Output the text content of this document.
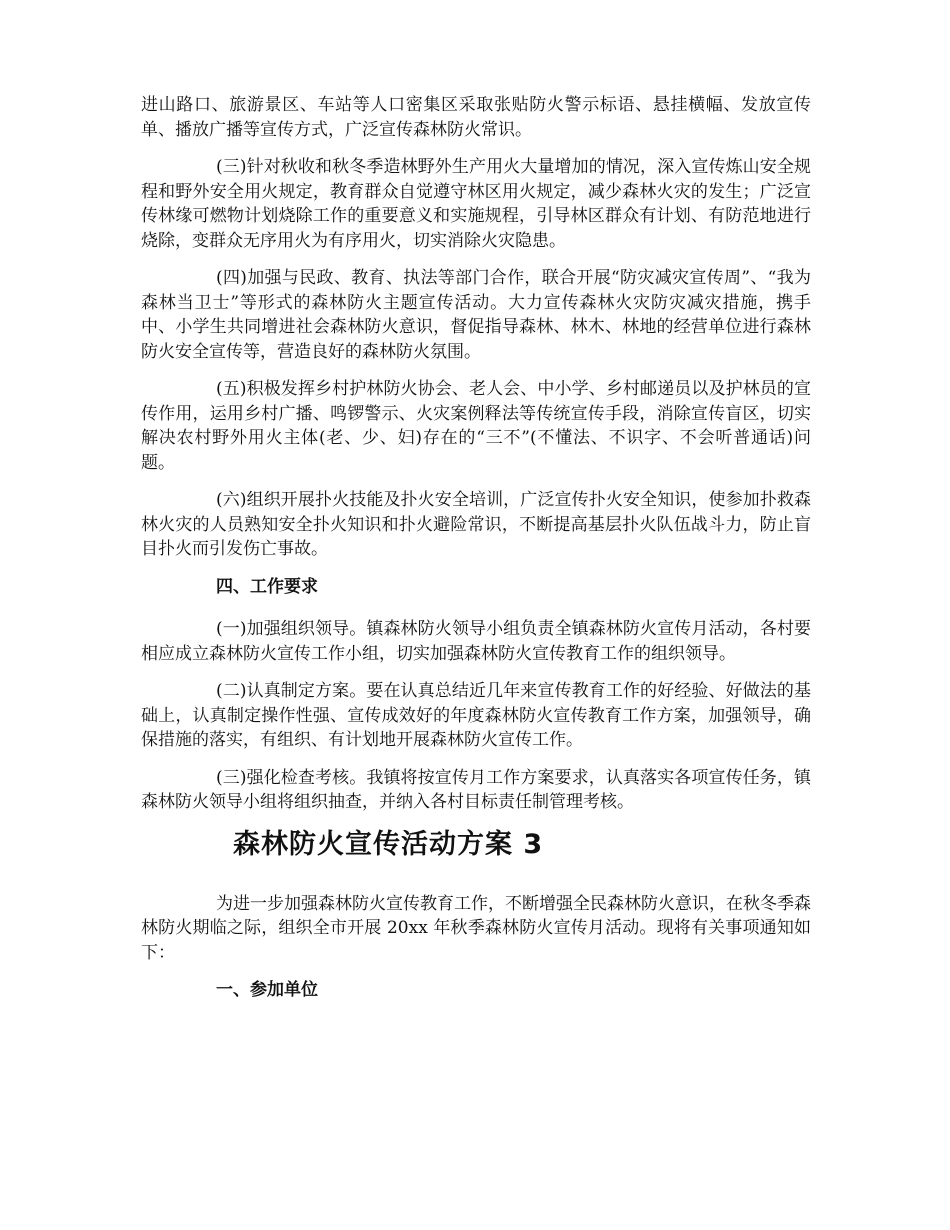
进山路口、旅游景区、车站等人口密集区采取张贴防火警示标语、悬挂横幅、发放宣传单、播放广播等宣传方式，广泛宣传森林防火常识。

(三)针对秋收和秋冬季造林野外生产用火大量增加的情况，深入宣传炼山安全规程和野外安全用火规定，教育群众自觉遵守林区用火规定，减少森林火灾的发生；广泛宣传林缘可燃物计划烧除工作的重要意义和实施规程，引导林区群众有计划、有防范地进行烧除，变群众无序用火为有序用火，切实消除火灾隐患。

(四)加强与民政、教育、执法等部门合作，联合开展“防灾减灾宣传周”、“我为森林当卫士”等形式的森林防火主题宣传活动。大力宣传森林火灾防灾减灾措施，携手中、小学生共同增进社会森林防火意识，督促指导森林、林木、林地的经营单位进行森林防火安全宣传等，营造良好的森林防火氛围。

(五)积极发挥乡村护林防火协会、老人会、中小学、乡村邮递员以及护林员的宣传作用，运用乡村广播、鸣锣警示、火灾案例释法等传统宣传手段，消除宣传盲区，切实解决农村野外用火主体(老、少、妇)存在的“三不”(不懂法、不识字、不会听普通话)问题。

(六)组织开展扑火技能及扑火安全培训，广泛宣传扑火安全知识，使参加扑救森林火灾的人员熟知安全扑火知识和扑火避险常识，不断提高基层扑火队伍战斗力，防止盲目扑火而引发伤亡事故。

四、工作要求

(一)加强组织领导。镇森林防火领导小组负责全镇森林防火宣传月活动，各村要相应成立森林防火宣传工作小组，切实加强森林防火宣传教育工作的组织领导。

(二)认真制定方案。要在认真总结近几年来宣传教育工作的好经验、好做法的基础上，认真制定操作性强、宣传成效好的年度森林防火宣传教育工作方案，加强领导，确保措施的落实，有组织、有计划地开展森林防火宣传工作。

(三)强化检查考核。我镇将按宣传月工作方案要求，认真落实各项宣传任务，镇森林防火领导小组将组织抽查，并纳入各村目标责任制管理考核。

森林防火宣传活动方案 3

为进一步加强森林防火宣传教育工作，不断增强全民森林防火意识，在秋冬季森林防火期临之际，组织全市开展 20xx 年秋季森林防火宣传月活动。现将有关事项通知如下：

一、参加单位
